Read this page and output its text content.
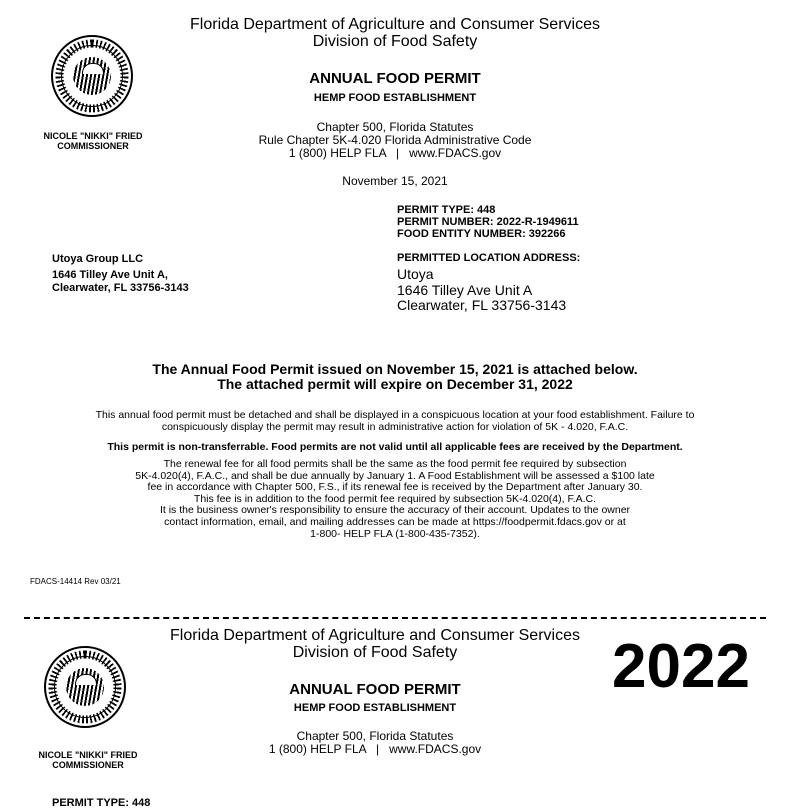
NICOLE "NIKKI" FRIED
COMMISSIONER
Florida Department of Agriculture and Consumer Services
Division of Food Safety
ANNUAL FOOD PERMIT
HEMP FOOD ESTABLISHMENT
Chapter 500, Florida Statutes
Rule Chapter 5K-4.020 Florida Administrative Code
1 (800) HELP FLA   |   www.FDACS.gov
November 15, 2021
PERMIT TYPE: 448
PERMIT NUMBER: 2022-R-1949611
FOOD ENTITY NUMBER: 392266
Utoya Group LLC
1646 Tilley Ave Unit A,
Clearwater, FL 33756-3143
PERMITTED LOCATION ADDRESS:
Utoya
1646 Tilley Ave Unit A
Clearwater, FL 33756-3143
The Annual Food Permit issued on November 15, 2021 is attached below.
The attached permit will expire on December 31, 2022
This annual food permit must be detached and shall be displayed in a conspicuous location at your food establishment. Failure to
conspicuously display the permit may result in administrative action for violation of 5K - 4.020, F.A.C.
This permit is non-transferrable. Food permits are not valid until all applicable fees are received by the Department.
The renewal fee for all food permits shall be the same as the food permit fee required by subsection
5K-4.020(4), F.A.C., and shall be due annually by January 1. A Food Establishment will be assessed a $100 late
fee in accordance with Chapter 500, F.S., if its renewal fee is received by the Department after January 30.
This fee is in addition to the food permit fee required by subsection 5K-4.020(4), F.A.C.
It is the business owner's responsibility to ensure the accuracy of their account. Updates to the owner
contact information, email, and mailing addresses can be made at https://foodpermit.fdacs.gov or at
1-800- HELP FLA (1-800-435-7352).
FDACS-14414 Rev 03/21
Florida Department of Agriculture and Consumer Services
Division of Food Safety	2022
ANNUAL FOOD PERMIT
HEMP FOOD ESTABLISHMENT
Chapter 500, Florida Statutes
1 (800) HELP FLA   |   www.FDACS.gov
NICOLE "NIKKI" FRIED
COMMISSIONER
PERMIT TYPE: 448
